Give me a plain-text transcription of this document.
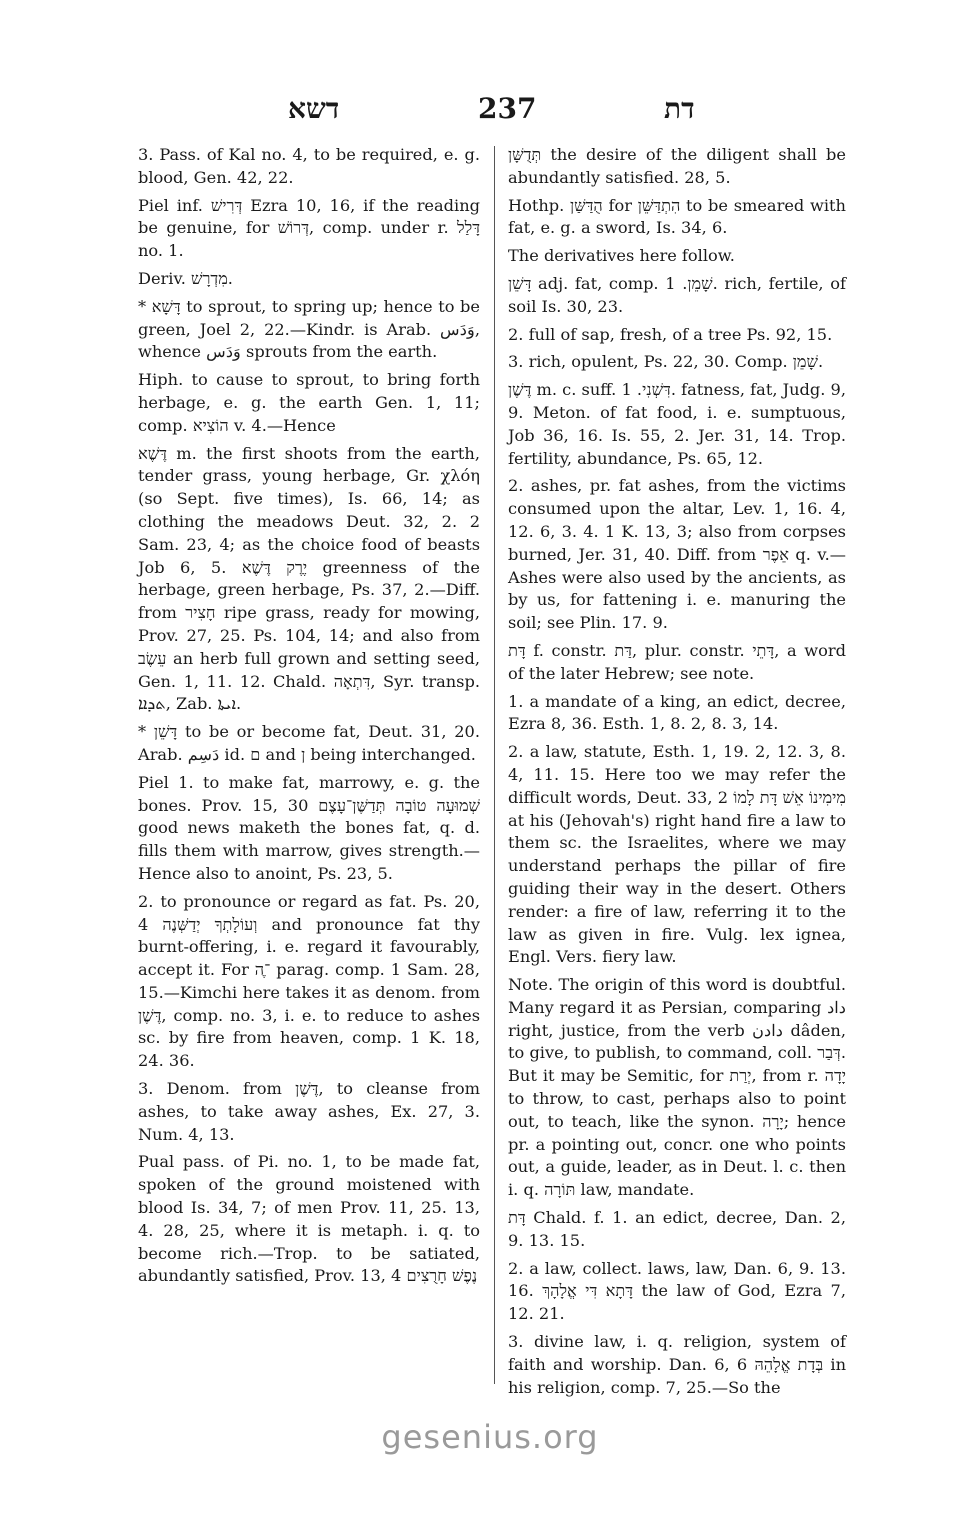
דשא	237	דת

3. Pass. of Kal no. 4, to be required, e. g. blood, Gen. 42, 22.

Piel inf. דְּרִישׁ Ezra 10, 16, if the reading be genuine, for דְּרוֹשׁ, comp. under r. דָּלַל no. 1.

Deriv. מִדְרָשׁ.

* דָּשָׁא to sprout, to spring up; hence to be green, Joel 2, 22.—Kindr. is Arab. وَدَس, whence وَدَس sprouts from the earth.

Hiph. to cause to sprout, to bring forth herbage, e. g. the earth Gen. 1, 11; comp. הוֹצִיא v. 4.—Hence

דֶּשֶׁא m. the first shoots from the earth, tender grass, young herbage, Gr. χλόη (so Sept. five times), Is. 66, 14; as clothing the meadows Deut. 32, 2. 2 Sam. 23, 4; as the choice food of beasts Job 6, 5. יֶרֶק דֶּשֶׁא greenness of the herbage, green herbage, Ps. 37, 2.—Diff. from חָצִיר ripe grass, ready for mowing, Prov. 27, 25. Ps. 104, 14; and also from עֵשֶׂב an herb full grown and setting seed, Gen. 1, 11. 12. Chald. דִּתְאָה, Syr. transp. ܬܕܐܐ, Zab. ܐܝܬܐ.

* דָּשֵׁן to be or become fat, Deut. 31, 20. Arab. دَسِم id. ם and ן being interchanged.

Piel 1. to make fat, marrowy, e. g. the bones. Prov. 15, 30 שְׁמוּעָה טוֹבָה תְּדַשֶּׁן־עָצֶם good news maketh the bones fat, q. d. fills them with marrow, gives strength.—Hence also to anoint, Ps. 23, 5.

2. to pronounce or regard as fat. Ps. 20, 4 וְעוֹלָתְךָ יְדַשְּׁנֶה and pronounce fat thy burnt-offering, i. e. regard it favourably, accept it. For ־ֶה parag. comp. 1 Sam. 28, 15.—Kimchi here takes it as denom. from דֶּשֶׁן, comp. no. 3, i. e. to reduce to ashes sc. by fire from heaven, comp. 1 K. 18, 24. 36.

3. Denom. from דֶּשֶׁן, to cleanse from ashes, to take away ashes, Ex. 27, 3. Num. 4, 13.

Pual pass. of Pi. no. 1, to be made fat, spoken of the ground moistened with blood Is. 34, 7; of men Prov. 11, 25. 13, 4. 28, 25, where it is metaph. i. q. to become rich.—Trop. to be satiated, abundantly satisfied, Prov. 13, 4 נֶפֶשׁ חָרֻצִים

תְּדֻשָּׁן the desire of the diligent shall be abundantly satisfied. 28, 5.

Hothp. הֻדַּשַּׁן for הִתְדַּשֵּׁן to be smeared with fat, e. g. a sword, Is. 34, 6.

The derivatives here follow.

דָּשֵׁן adj. fat, comp. שָׁמֵן. 1. rich, fertile, of soil Is. 30, 23.

2. full of sap, fresh, of a tree Ps. 92, 15.

3. rich, opulent, Ps. 22, 30. Comp. שָׁמֵן.

דֶּשֶׁן m. c. suff. דִּשְׁנִי. 1. fatness, fat, Judg. 9, 9. Meton. of fat food, i. e. sumptuous, Job 36, 16. Is. 55, 2. Jer. 31, 14. Trop. fertility, abundance, Ps. 65, 12.

2. ashes, pr. fat ashes, from the victims consumed upon the altar, Lev. 1, 16. 4, 12. 6, 3. 4. 1 K. 13, 3; also from corpses burned, Jer. 31, 40. Diff. from אֵפֶר q. v.—Ashes were also used by the ancients, as by us, for fattening i. e. manuring the soil; see Plin. 17. 9.

דָּת f. constr. דַּת, plur. constr. דָּתֵי, a word of the later Hebrew; see note.

1. a mandate of a king, an edict, decree, Ezra 8, 36. Esth. 1, 8. 2, 8. 3, 14.

2. a law, statute, Esth. 1, 19. 2, 12. 3, 8. 4, 11. 15. Here too we may refer the difficult words, Deut. 33, 2 מִימִינוֹ אֵשׁ דָּת לָמוֹ at his (Jehovah's) right hand fire a law to them sc. the Israelites, where we may understand perhaps the pillar of fire guiding their way in the desert. Others render: a fire of law, referring it to the law as given in fire. Vulg. lex ignea, Engl. Vers. fiery law.

Note. The origin of this word is doubtful. Many regard it as Persian, comparing داد right, justice, from the verb دادن dâden, to give, to publish, to command, coll. דְּבַר. But it may be Semitic, for יְרַת, from r. יָדָה to throw, to cast, perhaps also to point out, to teach, like the synon. יָרָה; hence pr. a pointing out, concr. one who points out, a guide, leader, as in Deut. l. c. then i. q. תּוֹרָה law, mandate.

דָּת Chald. f. 1. an edict, decree, Dan. 2, 9. 13. 15.

2. a law, collect. laws, law, Dan. 6, 9. 13. 16. דָּתָא דִּי אֱלָהָךְ the law of God, Ezra 7, 12. 21.

3. divine law, i. q. religion, system of faith and worship. Dan. 6, 6 בְּדָת אֱלָהֵהּ in his religion, comp. 7, 25.—So the

gesenius.org
